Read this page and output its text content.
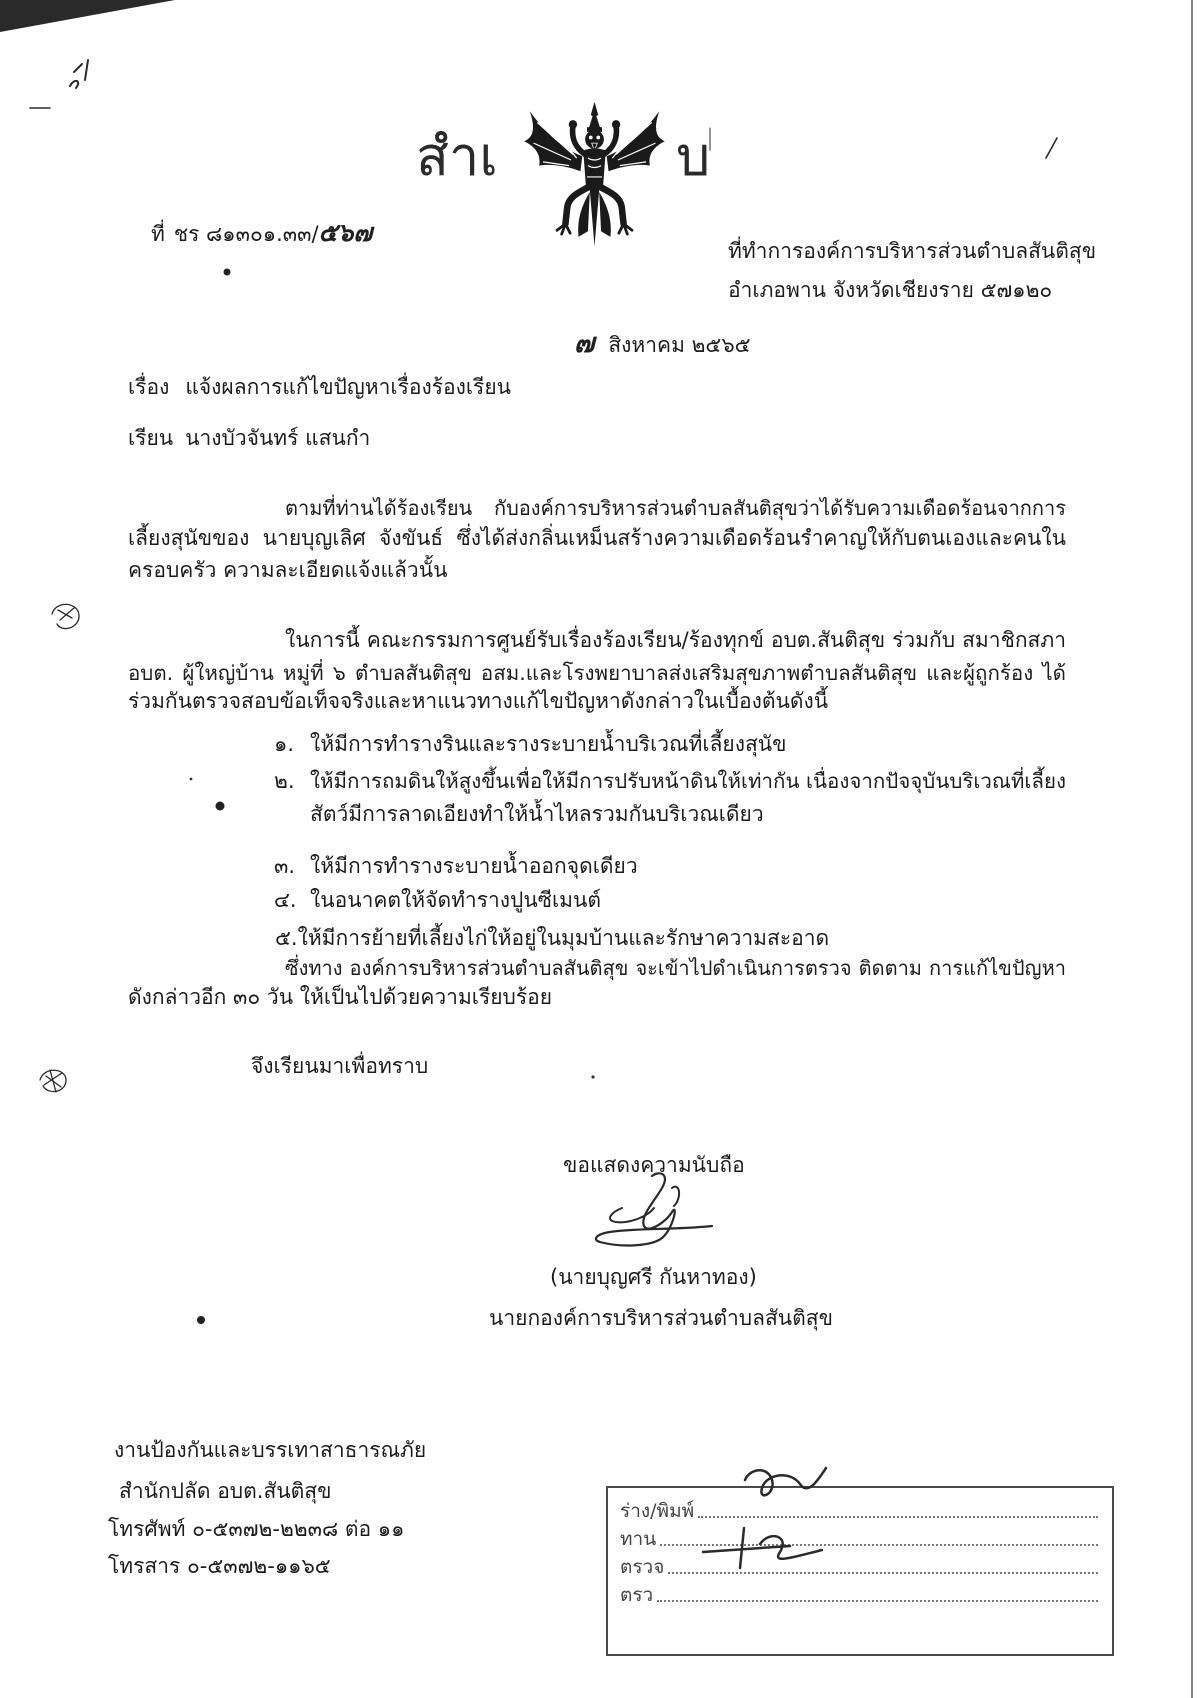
สำเ	บ
ที่ ชร ๘๑๓๐๑.๓๓/๕๖๗
ที่ทำการองค์การบริหารส่วนตำบลสันติสุข
อำเภอพาน จังหวัดเชียงราย ๕๗๑๒๐
๗ สิงหาคม ๒๕๖๕
เรื่อง แจ้งผลการแก้ไขปัญหาเรื่องร้องเรียน
เรียน นางบัวจันทร์ แสนกำ
ตามที่ท่านได้ร้องเรียน กับองค์การบริหารส่วนตำบลสันติสุขว่าได้รับความเดือดร้อนจากการ
เลี้ยงสุนัขของ นายบุญเลิศ จังขันธ์ ซึ่งได้ส่งกลิ่นเหม็นสร้างความเดือดร้อนรำคาญให้กับตนเองและคนใน
ครอบครัว ความละเอียดแจ้งแล้วนั้น
ในการนี้ คณะกรรมการศูนย์รับเรื่องร้องเรียน/ร้องทุกข์ อบต.สันติสุข ร่วมกับ สมาชิกสภา
อบต. ผู้ใหญ่บ้าน หมู่ที่ ๖ ตำบลสันติสุข อสม.และโรงพยาบาลส่งเสริมสุขภาพตำบลสันติสุข และผู้ถูกร้อง ได้
ร่วมกันตรวจสอบข้อเท็จจริงและหาแนวทางแก้ไขปัญหาดังกล่าวในเบื้องต้นดังนี้
๑. ให้มีการทำรางรินและรางระบายน้ำบริเวณที่เลี้ยงสุนัข
๒. ให้มีการถมดินให้สูงขึ้นเพื่อให้มีการปรับหน้าดินให้เท่ากัน เนื่องจากปัจจุบันบริเวณที่เลี้ยง
สัตว์มีการลาดเอียงทำให้น้ำไหลรวมกันบริเวณเดียว
๓. ให้มีการทำรางระบายน้ำออกจุดเดียว
๔. ในอนาคตให้จัดทำรางปูนซีเมนต์
๕.ให้มีการย้ายที่เลี้ยงไก่ให้อยู่ในมุมบ้านและรักษาความสะอาด
ซึ่งทาง องค์การบริหารส่วนตำบลสันติสุข จะเข้าไปดำเนินการตรวจ ติดตาม การแก้ไขปัญหา
ดังกล่าวอีก ๓๐ วัน ให้เป็นไปด้วยความเรียบร้อย
จึงเรียนมาเพื่อทราบ
ขอแสดงความนับถือ
(นายบุญศรี กันหาทอง)
นายกองค์การบริหารส่วนตำบลสันติสุข
งานป้องกันและบรรเทาสาธารณภัย
สำนักปลัด อบต.สันติสุข
โทรศัพท์ ๐-๕๓๗๒-๒๒๓๘ ต่อ ๑๑
โทรสาร ๐-๕๓๗๒-๑๑๖๕
ร่าง/พิมพ์
ทาน
ตรวจ
ตรว
